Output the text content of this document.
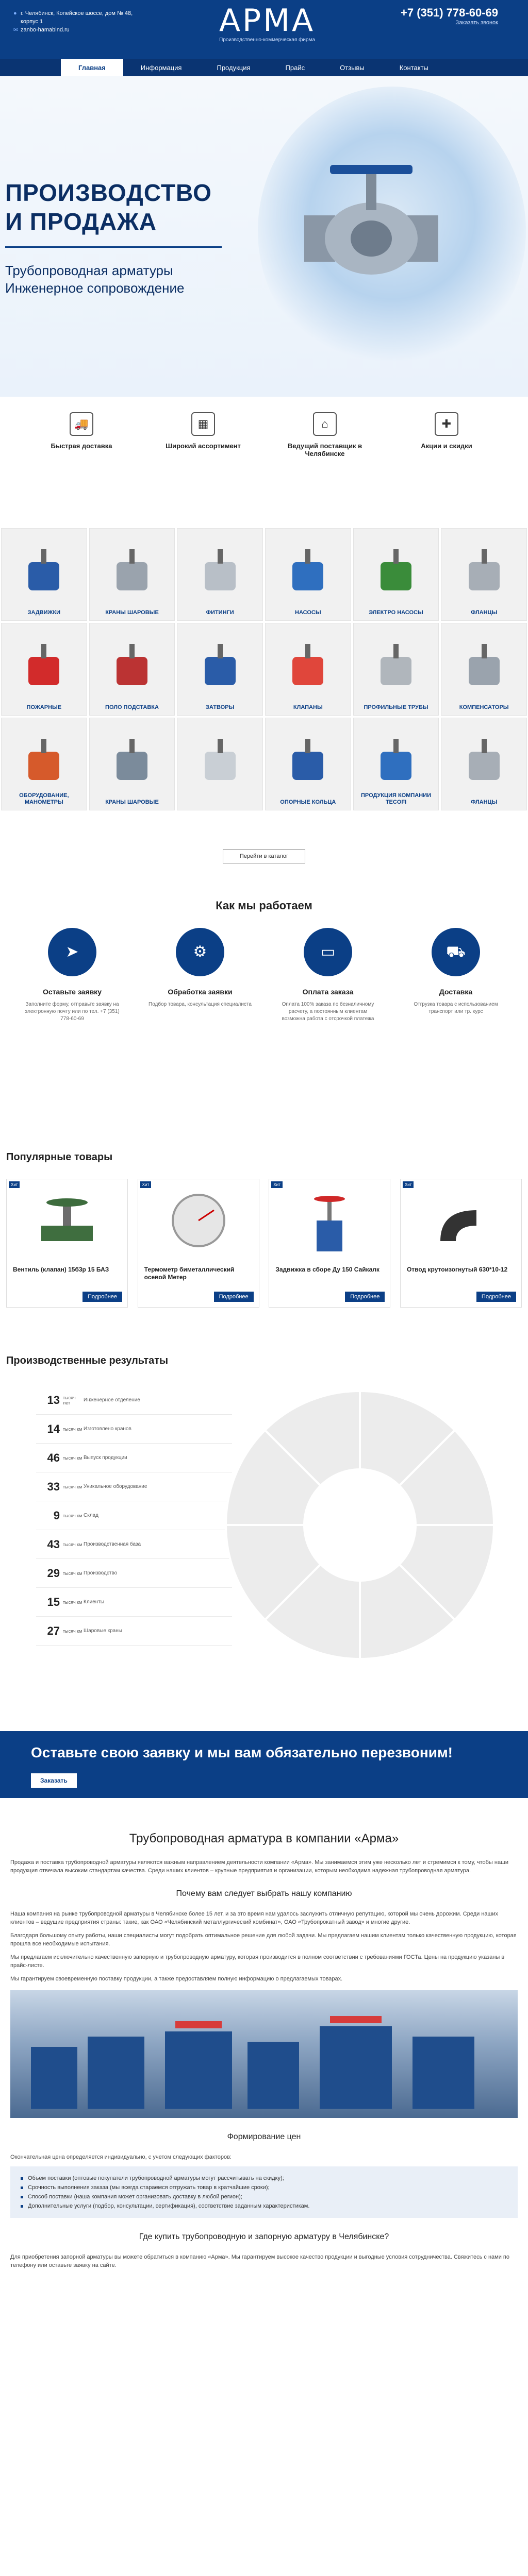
● г. Челябинск, Копейское шоссе, дом № 48,
корпус 1
✉ zanbo-hamabind.ru	АРМА
Производственно-коммерческая фирма
+7 (351) 778-60-69
Заказать звонок
Главная	Информация	Продукция	Прайс	Отзывы	Контакты
ПРОИЗВОДСТВО
И ПРОДАЖА
Трубопроводная арматуры
Инженерное сопровождение
🚚
Быстрая доставка
▦
Широкий ассортимент
⌂
Ведущий поставщик в Челябинске
✚
Акции и скидки
ЗАДВИЖКИ	КРАНЫ ШАРОВЫЕ	ФИТИНГИ	НАСОСЫ	ЭЛЕКТРО НАСОСЫ	ФЛАНЦЫ
ПОЖАРНЫЕ	ПОЛО ПОДСТАВКА	ЗАТВОРЫ	КЛАПАНЫ	ПРОФИЛЬНЫЕ ТРУБЫ	КОМПЕНСАТОРЫ
ОБОРУДОВАНИЕ, МАНОМЕТРЫ	КРАНЫ ШАРОВЫЕ	ОПОРНЫЕ КОЛЬЦА
ПРОДУКЦИЯ КОМПАНИИ TECOFI	ФЛАНЦЫ
Перейти в каталог
Как мы работаем
➤
Оставьте заявку
Заполните форму, отправьте заявку на электронную почту или по тел. +7 (351) 778-60-69
⚙
Обработка заявки
Подбор товара, консультация специалиста
▭
Оплата заказа
Оплата 100% заказа по безналичному расчету, а постоянным клиентам возможна работа с отсрочкой платежа
⛟
Доставка
Отгрузка товара с использованием транспорт или тр. курс
Популярные товары
Хит
Вентиль (клапан) 15б3р 15 БАЗ
Подробнее
Хит
Термометр биметаллический осевой Метер
Подробнее
Хит
Задвижка в сборе Ду 150 Сайкалк
Подробнее
Хит
Отвод крутоизогнутый 630*10-12
Подробнее
Производственные результаты
13 тысяч лет	Инженерное отделение
14 тысяч км Изготовлено кранов
46 тысяч км Выпуск продукции
33 тысяч км Уникальное оборудование
9 тысяч км Склад
43 тысяч км Производственная база
29 тысяч км Производство
15 тысяч км Клиенты
27 тысяч км Шаровые краны
Оставьте свою заявку и мы вам обязательно перезвоним!
Заказать
Трубопроводная арматура в компании «Арма»

Продажа и поставка трубопроводной арматуры являются важным направлением деятельности компании «Арма». Мы занимаемся этим уже несколько лет и стремимся к тому, чтобы наши продукция отвечала высоким стандартам качества. Среди наших клиентов – крупные предприятия и организации, которым необходима надежная трубопроводная арматура.

Почему вам следует выбрать нашу компанию

Наша компания на рынке трубопроводной арматуры в Челябинске более 15 лет, и за это время нам удалось заслужить отличную репутацию, которой мы очень дорожим. Среди наших клиентов – ведущие предприятия страны: такие, как ОАО «Челябинский металлургический комбинат», ОАО «Трубопрокатный завод» и многие другие.

Благодаря большому опыту работы, наши специалисты могут подобрать оптимальное решение для любой задачи. Мы предлагаем нашим клиентам только качественную продукцию, которая прошла все необходимые испытания.

Мы предлагаем исключительно качественную запорную и трубопроводную арматуру, которая производится в полном соответствии с требованиями ГОСТа. Цены на продукцию указаны в прайс-листе.

Мы гарантируем своевременную поставку продукции, а также предоставляем полную информацию о предлагаемых товарах.

Формирование цен

Окончательная цена определяется индивидуально, с учетом следующих факторов:

Объем поставки (оптовые покупатели трубопроводной арматуры могут рассчитывать на скидку);
Срочность выполнения заказа (мы всегда стараемся отгружать товар в кратчайшие сроки);
Способ поставки (наша компания может организовать доставку в любой регион);
Дополнительные услуги (подбор, консультации, сертификация), соответствие заданным характеристикам.
Где купить трубопроводную и запорную арматуру в Челябинске?

Для приобретения запорной арматуры вы можете обратиться в компанию «Арма». Мы гарантируем высокое качество продукции и выгодные условия сотрудничества. Свяжитесь с нами по телефону или оставьте заявку на сайте.
